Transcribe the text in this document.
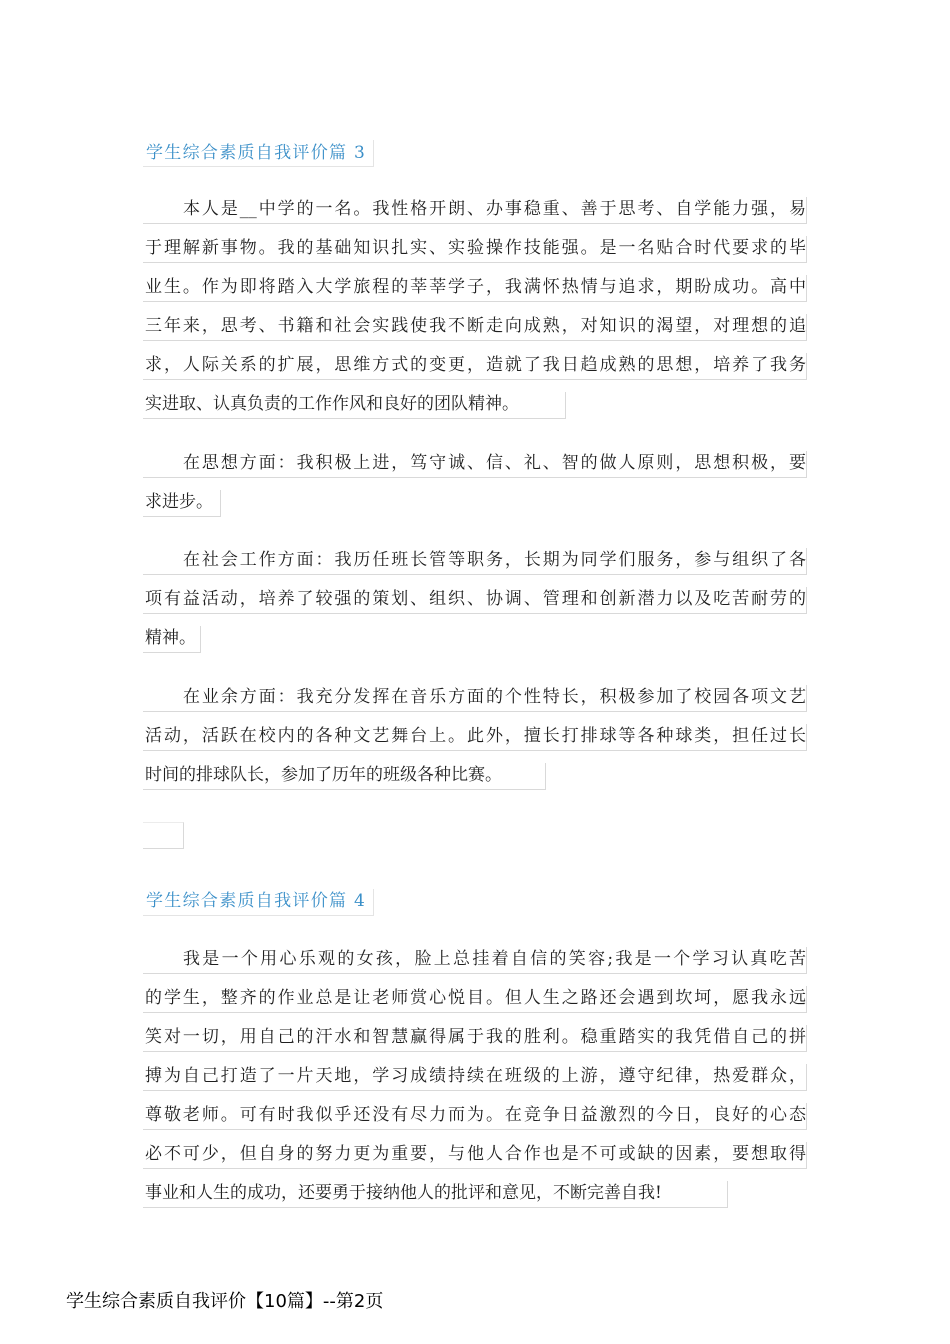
学生综合素质自我评价篇 3
本人是__中学的一名。我性格开朗、办事稳重、善于思考、自学能力强，易
于理解新事物。我的基础知识扎实、实验操作技能强。是一名贴合时代要求的毕
业生。作为即将踏入大学旅程的莘莘学子，我满怀热情与追求，期盼成功。高中
三年来，思考、书籍和社会实践使我不断走向成熟，对知识的渴望，对理想的追
求，人际关系的扩展，思维方式的变更，造就了我日趋成熟的思想，培养了我务
实进取、认真负责的工作作风和良好的团队精神。
在思想方面：我积极上进，笃守诚、信、礼、智的做人原则，思想积极，要
求进步。
在社会工作方面：我历任班长管等职务，长期为同学们服务，参与组织了各
项有益活动，培养了较强的策划、组织、协调、管理和创新潜力以及吃苦耐劳的
精神。
在业余方面：我充分发挥在音乐方面的个性特长，积极参加了校园各项文艺
活动，活跃在校内的各种文艺舞台上。此外，擅长打排球等各种球类，担任过长
时间的排球队长，参加了历年的班级各种比赛。
学生综合素质自我评价篇 4
我是一个用心乐观的女孩，脸上总挂着自信的笑容;我是一个学习认真吃苦
的学生，整齐的作业总是让老师赏心悦目。但人生之路还会遇到坎坷，愿我永远
笑对一切，用自己的汗水和智慧赢得属于我的胜利。稳重踏实的我凭借自己的拼
搏为自己打造了一片天地，学习成绩持续在班级的上游，遵守纪律，热爱群众，
尊敬老师。可有时我似乎还没有尽力而为。在竞争日益激烈的今日，良好的心态
必不可少，但自身的努力更为重要，与他人合作也是不可或缺的因素，要想取得
事业和人生的成功，还要勇于接纳他人的批评和意见，不断完善自我!
学生综合素质自我评价【10篇】--第2页
